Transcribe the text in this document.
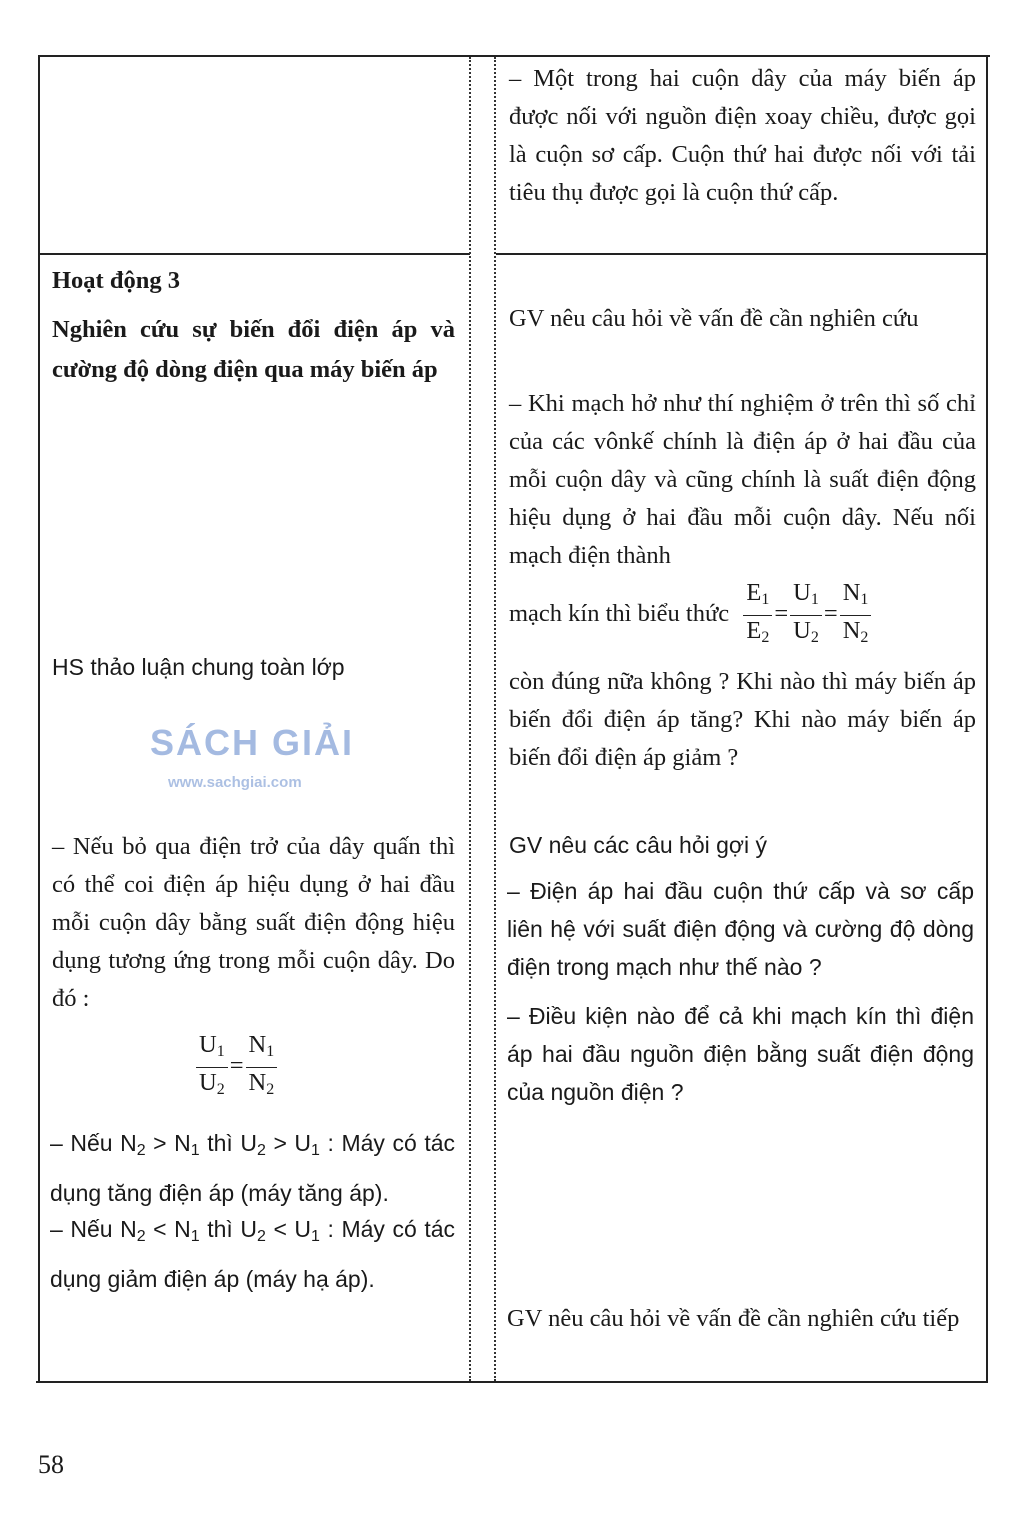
– Một trong hai cuộn dây của máy biến áp được nối với nguồn điện xoay chiều, được gọi là cuộn sơ cấp. Cuộn thứ hai được nối với tải tiêu thụ được gọi là cuộn thứ cấp.
Hoạt động 3
Nghiên cứu sự biến đổi điện áp và cường độ dòng điện qua máy biến áp
HS thảo luận chung toàn lớp
– Nếu bỏ qua điện trở của dây quấn thì có thể coi điện áp hiệu dụng ở hai đầu mỗi cuộn dây bằng suất điện động hiệu dụng tương ứng trong mỗi cuộn dây. Do đó :
$\frac{U_1}{U_2} = \frac{N_1}{N_2}$
– Nếu $N_2 > N_1$ thì $U_2 > U_1$ : Máy có tác dụng tăng điện áp (máy tăng áp).
– Nếu $N_2 < N_1$ thì $U_2 < U_1$ : Máy có tác dụng giảm điện áp (máy hạ áp).
GV nêu câu hỏi về vấn đề cần nghiên cứu
– Khi mạch hở như thí nghiệm ở trên thì số chỉ của các vônkế chính là điện áp ở hai đầu của mỗi cuộn dây và cũng chính là suất điện động hiệu dụng ở hai đầu mỗi cuộn dây. Nếu nối mạch điện thành
mạch kín thì biểu thức $\frac{E_1}{E_2} = \frac{U_1}{U_2} = \frac{N_1}{N_2}$
còn đúng nữa không ? Khi nào thì máy biến áp biến đổi điện áp tăng? Khi nào máy biến áp biến đổi điện áp giảm ?
GV nêu các câu hỏi gợi ý
– Điện áp hai đầu cuộn thứ cấp và sơ cấp liên hệ với suất điện động và cường độ dòng điện trong mạch như thế nào ?
– Điều kiện nào để cả khi mạch kín thì điện áp hai đầu nguồn điện bằng suất điện động của nguồn điện ?
GV nêu câu hỏi về vấn đề cần nghiên cứu tiếp
SÁCH GIẢI
www.sachgiai.com
58
